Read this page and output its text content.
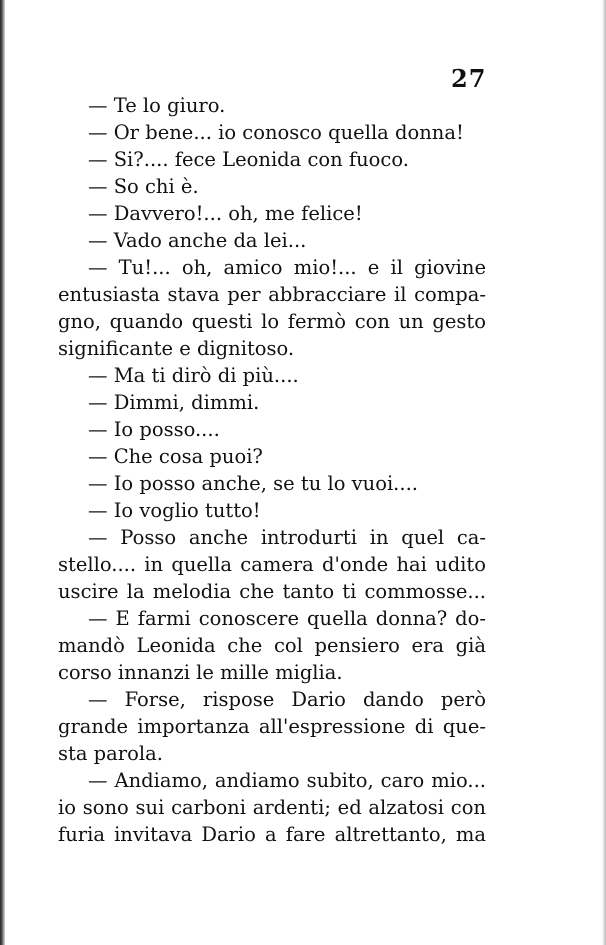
27
— Te lo giuro.
— Or bene... io conosco quella donna!
— Si?.... fece Leonida con fuoco.
— So chi è.
— Davvero!... oh, me felice!
— Vado anche da lei...
— Tu!... oh, amico mio!... e il giovine
entusiasta stava per abbracciare il compa-
gno, quando questi lo fermò con un gesto
significante e dignitoso.
— Ma ti dirò di più....
— Dimmi, dimmi.
— Io posso....
— Che cosa puoi?
— Io posso anche, se tu lo vuoi....
— Io voglio tutto!
— Posso anche introdurti in quel ca-
stello.... in quella camera d'onde hai udito
uscire la melodia che tanto ti commosse...
— E farmi conoscere quella donna? do-
mandò Leonida che col pensiero era già
corso innanzi le mille miglia.
— Forse, rispose Dario dando però
grande importanza all'espressione di que-
sta parola.
— Andiamo, andiamo subito, caro mio...
io sono sui carboni ardenti; ed alzatosi con
furia invitava Dario a fare altrettanto, ma
